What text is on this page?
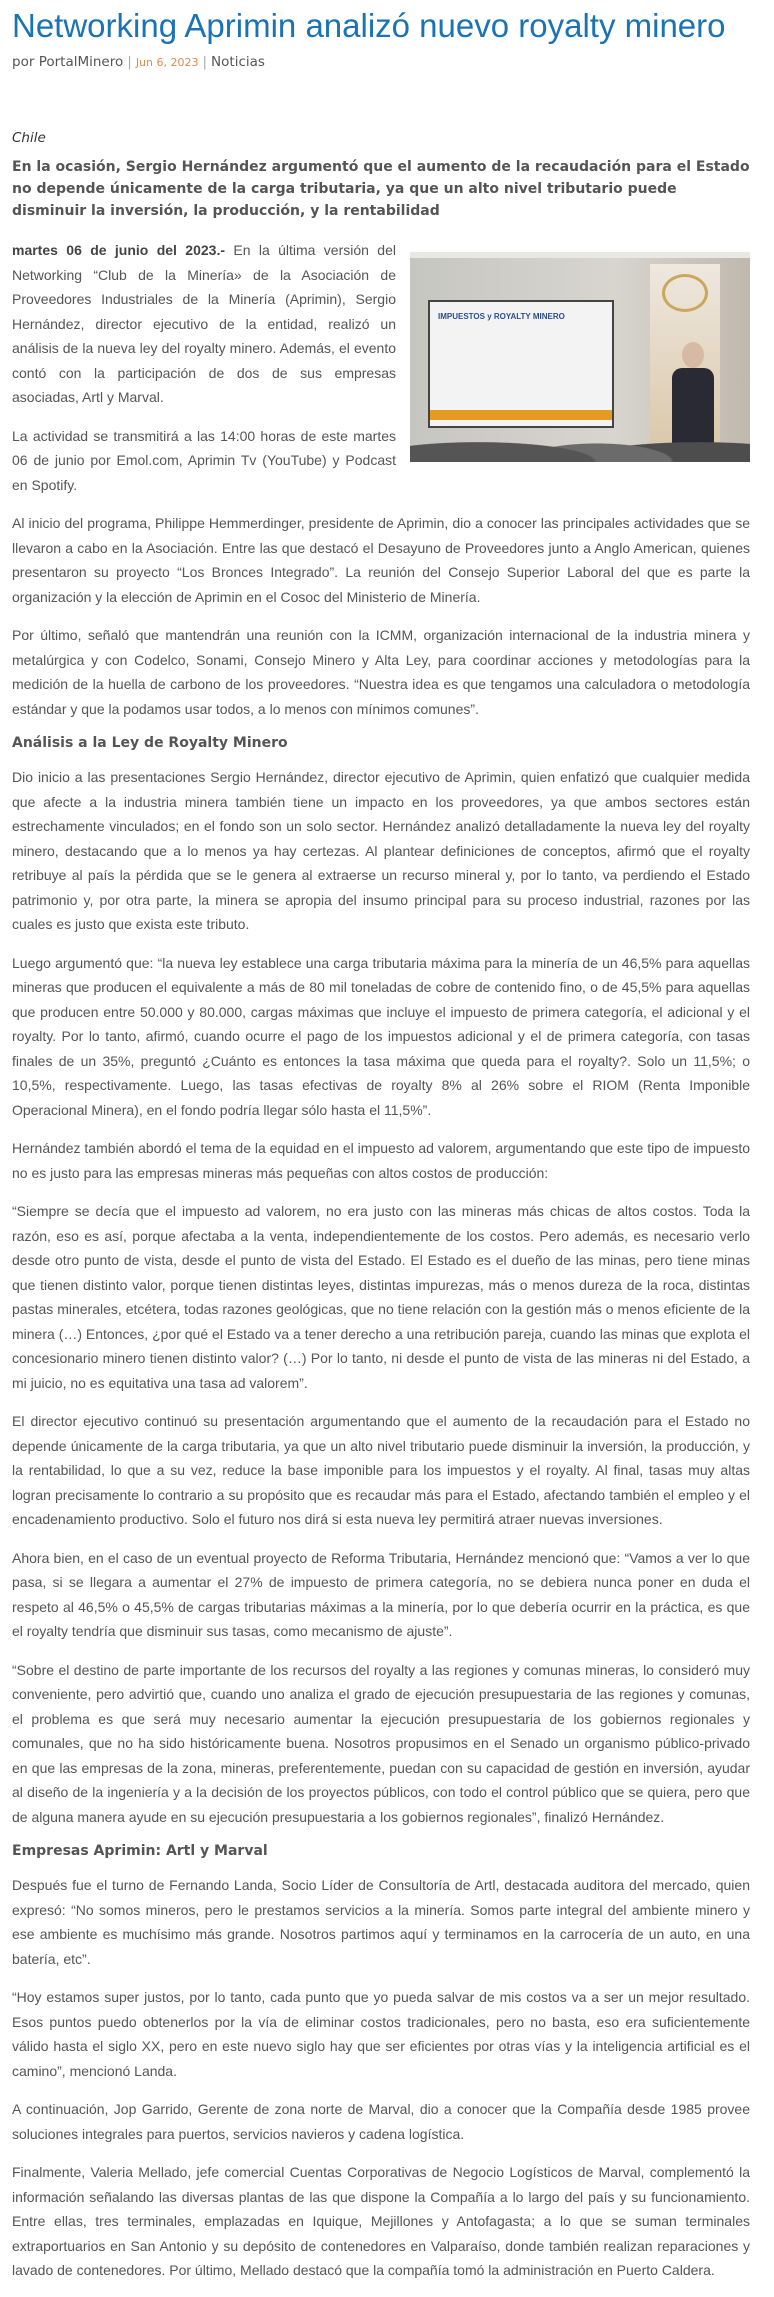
Networking Aprimin analizó nuevo royalty minero
por PortalMinero | Jun 6, 2023 | Noticias
Chile
En la ocasión, Sergio Hernández argumentó que el aumento de la recaudación para el Estado no depende únicamente de la carga tributaria, ya que un alto nivel tributario puede disminuir la inversión, la producción, y la rentabilidad
IMPUESTOS y ROYALTY MINERO

martes 06 de junio del 2023.- En la última versión del Networking “Club de la Minería» de la Asociación de Proveedores Industriales de la Minería (Aprimin), Sergio Hernández, director ejecutivo de la entidad, realizó un análisis de la nueva ley del royalty minero. Además, el evento contó con la participación de dos de sus empresas asociadas, Artl y Marval.

La actividad se transmitirá a las 14:00 horas de este martes 06 de junio por Emol.com, Aprimin Tv (YouTube) y Podcast en Spotify.

Al inicio del programa, Philippe Hemmerdinger, presidente de Aprimin, dio a conocer las principales actividades que se llevaron a cabo en la Asociación. Entre las que destacó el Desayuno de Proveedores junto a Anglo American, quienes presentaron su proyecto “Los Bronces Integrado”. La reunión del Consejo Superior Laboral del que es parte la organización y la elección de Aprimin en el Cosoc del Ministerio de Minería.

Por último, señaló que mantendrán una reunión con la ICMM, organización internacional de la industria minera y metalúrgica y con Codelco, Sonami, Consejo Minero y Alta Ley, para coordinar acciones y metodologías para la medición de la huella de carbono de los proveedores. “Nuestra idea es que tengamos una calculadora o metodología estándar y que la podamos usar todos, a lo menos con mínimos comunes”.

Análisis a la Ley de Royalty Minero

Dio inicio a las presentaciones Sergio Hernández, director ejecutivo de Aprimin, quien enfatizó que cualquier medida que afecte a la industria minera también tiene un impacto en los proveedores, ya que ambos sectores están estrechamente vinculados; en el fondo son un solo sector. Hernández analizó detalladamente la nueva ley del royalty minero, destacando que a lo menos ya hay certezas. Al plantear definiciones de conceptos, afirmó que el royalty retribuye al país la pérdida que se le genera al extraerse un recurso mineral y, por lo tanto, va perdiendo el Estado patrimonio y, por otra parte, la minera se apropia del insumo principal para su proceso industrial, razones por las cuales es justo que exista este tributo.

Luego argumentó que: “la nueva ley establece una carga tributaria máxima para la minería de un 46,5% para aquellas mineras que producen el equivalente a más de 80 mil toneladas de cobre de contenido fino, o de 45,5% para aquellas que producen entre 50.000 y 80.000, cargas máximas que incluye el impuesto de primera categoría, el adicional y el royalty. Por lo tanto, afirmó, cuando ocurre el pago de los impuestos adicional y el de primera categoría, con tasas finales de un 35%, preguntó ¿Cuánto es entonces la tasa máxima que queda para el royalty?. Solo un 11,5%; o 10,5%, respectivamente. Luego, las tasas efectivas de royalty 8% al 26% sobre el RIOM (Renta Imponible Operacional Minera), en el fondo podría llegar sólo hasta el 11,5%”.

Hernández también abordó el tema de la equidad en el impuesto ad valorem, argumentando que este tipo de impuesto no es justo para las empresas mineras más pequeñas con altos costos de producción:

“Siempre se decía que el impuesto ad valorem, no era justo con las mineras más chicas de altos costos. Toda la razón, eso es así, porque afectaba a la venta, independientemente de los costos. Pero además, es necesario verlo desde otro punto de vista, desde el punto de vista del Estado. El Estado es el dueño de las minas, pero tiene minas que tienen distinto valor, porque tienen distintas leyes, distintas impurezas, más o menos dureza de la roca, distintas pastas minerales, etcétera, todas razones geológicas, que no tiene relación con la gestión más o menos eficiente de la minera (…) Entonces, ¿por qué el Estado va a tener derecho a una retribución pareja, cuando las minas que explota el concesionario minero tienen distinto valor? (…) Por lo tanto, ni desde el punto de vista de las mineras ni del Estado, a mi juicio, no es equitativa una tasa ad valorem”.

El director ejecutivo continuó su presentación argumentando que el aumento de la recaudación para el Estado no depende únicamente de la carga tributaria, ya que un alto nivel tributario puede disminuir la inversión, la producción, y la rentabilidad, lo que a su vez, reduce la base imponible para los impuestos y el royalty. Al final, tasas muy altas logran precisamente lo contrario a su propósito que es recaudar más para el Estado, afectando también el empleo y el encadenamiento productivo. Solo el futuro nos dirá si esta nueva ley permitirá atraer nuevas inversiones.

Ahora bien, en el caso de un eventual proyecto de Reforma Tributaria, Hernández mencionó que: “Vamos a ver lo que pasa, si se llegara a aumentar el 27% de impuesto de primera categoría, no se debiera nunca poner en duda el respeto al 46,5% o 45,5% de cargas tributarias máximas a la minería, por lo que debería ocurrir en la práctica, es que el royalty tendría que disminuir sus tasas, como mecanismo de ajuste”.

“Sobre el destino de parte importante de los recursos del royalty a las regiones y comunas mineras, lo consideró muy conveniente, pero advirtió que, cuando uno analiza el grado de ejecución presupuestaria de las regiones y comunas, el problema es que será muy necesario aumentar la ejecución presupuestaria de los gobiernos regionales y comunales, que no ha sido históricamente buena. Nosotros propusimos en el Senado un organismo público-privado en que las empresas de la zona, mineras, preferentemente, puedan con su capacidad de gestión en inversión, ayudar al diseño de la ingeniería y a la decisión de los proyectos públicos, con todo el control público que se quiera, pero que de alguna manera ayude en su ejecución presupuestaria a los gobiernos regionales”, finalizó Hernández.

Empresas Aprimin: Artl y Marval

Después fue el turno de Fernando Landa, Socio Líder de Consultoría de Artl, destacada auditora del mercado, quien expresó: “No somos mineros, pero le prestamos servicios a la minería. Somos parte integral del ambiente minero y ese ambiente es muchísimo más grande. Nosotros partimos aquí y terminamos en la carrocería de un auto, en una batería, etc”.

“Hoy estamos super justos, por lo tanto, cada punto que yo pueda salvar de mis costos va a ser un mejor resultado. Esos puntos puedo obtenerlos por la vía de eliminar costos tradicionales, pero no basta, eso era suficientemente válido hasta el siglo XX, pero en este nuevo siglo hay que ser eficientes por otras vías y la inteligencia artificial es el camino”, mencionó Landa.

A continuación, Jop Garrido, Gerente de zona norte de Marval, dio a conocer que la Compañía desde 1985 provee soluciones integrales para puertos, servicios navieros y cadena logística.

Finalmente, Valeria Mellado, jefe comercial Cuentas Corporativas de Negocio Logísticos de Marval, complementó la información señalando las diversas plantas de las que dispone la Compañía a lo largo del país y su funcionamiento. Entre ellas, tres terminales, emplazadas en Iquique, Mejillones y Antofagasta; a lo que se suman terminales extraportuarios en San Antonio y su depósito de contenedores en Valparaíso, donde también realizan reparaciones y lavado de contenedores. Por último, Mellado destacó que la compañía tomó la administración en Puerto Caldera.
